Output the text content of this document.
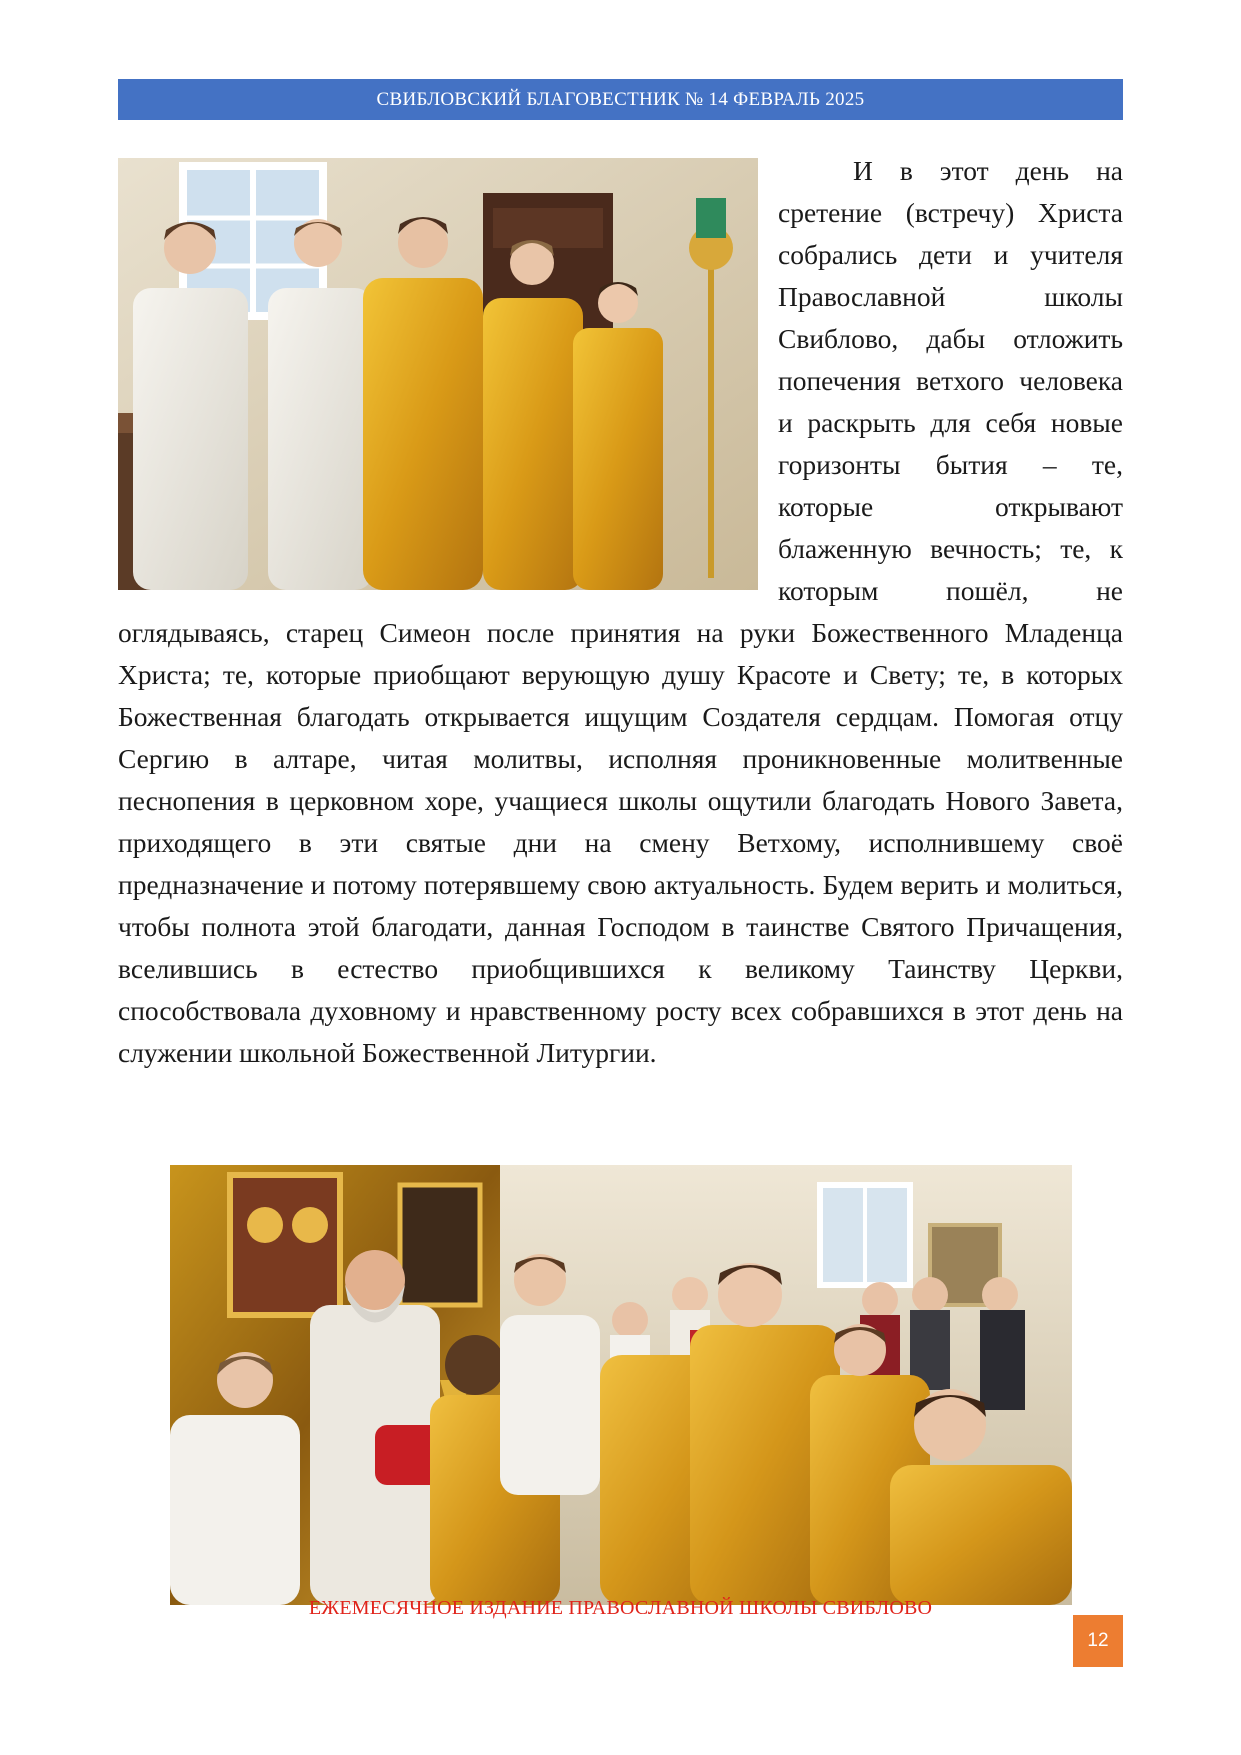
СВИБЛОВСКИЙ БЛАГОВЕСТНИК № 14 ФЕВРАЛЬ 2025

И в этот день на сретение (встречу) Христа собрались дети и учителя Православной школы Свиблово, дабы отложить попечения ветхого человека и раскрыть для себя новые горизонты бытия – те, которые открывают блаженную вечность; те, к которым пошёл, не оглядываясь, старец Симеон после принятия на руки Божественного Младенца Христа; те, которые приобщают верующую душу Красоте и Свету; те, в которых Божественная благодать открывается ищущим Создателя сердцам. Помогая отцу Сергию в алтаре, читая молитвы, исполняя проникновенные молитвенные песнопения в церковном хоре, учащиеся школы ощутили благодать Нового Завета, приходящего в эти святые дни на смену Ветхому, исполнившему своё предназначение и потому потерявшему свою актуальность. Будем верить и молиться, чтобы полнота этой благодати, данная Господом в таинстве Святого Причащения, вселившись в естество приобщившихся к великому Таинству Церкви, способствовала духовному и нравственному росту всех собравшихся в этот день на служении школьной Божественной Литургии.

ЕЖЕМЕСЯЧНОЕ ИЗДАНИЕ ПРАВОСЛАВНОЙ ШКОЛЫ СВИБЛОВО
12
